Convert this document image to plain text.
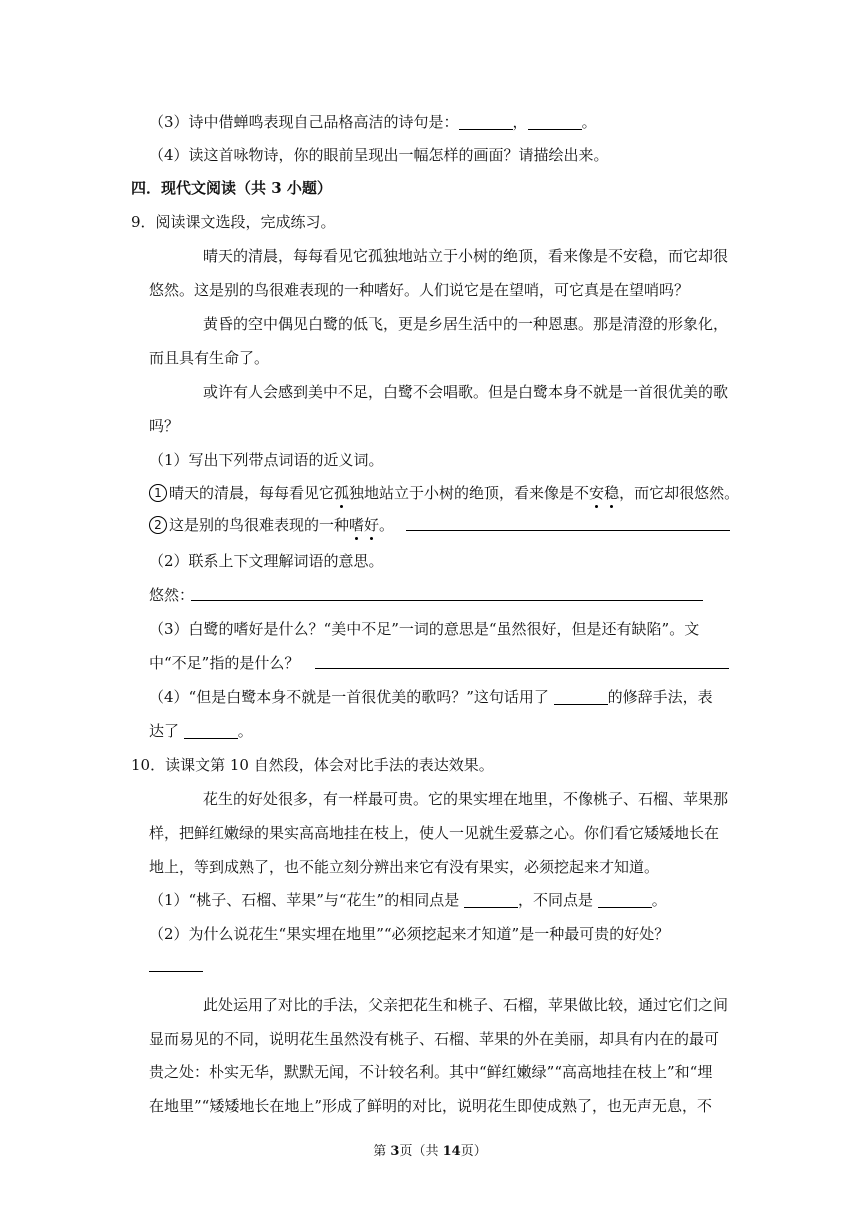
（3）诗中借蝉鸣表现自己品格高洁的诗句是：	，	。
（4）读这首咏物诗，你的眼前呈现出一幅怎样的画面？请描绘出来。
四．现代文阅读（共 3 小题）
9．阅读课文选段，完成练习。
晴天的清晨，每每看见它孤独地站立于小树的绝顶，看来像是不安稳，而它却很
悠然。这是别的鸟很难表现的一种嗜好。人们说它是在望哨，可它真是在望哨吗？
黄昏的空中偶见白鹭的低飞，更是乡居生活中的一种恩惠。那是清澄的形象化，
而且具有生命了。
或许有人会感到美中不足，白鹭不会唱歌。但是白鹭本身不就是一首很优美的歌
吗？
（1）写出下列带点词语的近义词。
1 晴天的清晨，每每看见它孤独地站立于小树的绝顶，看来像是不安稳，而它却很悠然。
2 这是别的鸟很难表现的一种嗜好。
（2）联系上下文理解词语的意思。
悠然：
（3）白鹭的嗜好是什么？“美中不足”一词的意思是“虽然很好，但是还有缺陷”。文
中“不足”指的是什么？
（4）“但是白鹭本身不就是一首很优美的歌吗？”这句话用了	的修辞手法，表
达了	。
10．读课文第 10 自然段，体会对比手法的表达效果。
花生的好处很多，有一样最可贵。它的果实埋在地里，不像桃子、石榴、苹果那
样，把鲜红嫩绿的果实高高地挂在枝上，使人一见就生爱慕之心。你们看它矮矮地长在
地上，等到成熟了，也不能立刻分辨出来它有没有果实，必须挖起来才知道。
（1）“桃子、石榴、苹果”与“花生”的相同点是	，不同点是	。
（2）为什么说花生“果实埋在地里”“必须挖起来才知道”是一种最可贵的好处？
此处运用了对比的手法，父亲把花生和桃子、石榴，苹果做比较，通过它们之间
显而易见的不同，说明花生虽然没有桃子、石榴、苹果的外在美丽，却具有内在的最可
贵之处：朴实无华，默默无闻，不计较名利。其中“鲜红嫩绿”“高高地挂在枝上”和“埋
在地里”“矮矮地长在地上”形成了鲜明的对比，说明花生即使成熟了，也无声无息，不
第 3页（共 14页）
